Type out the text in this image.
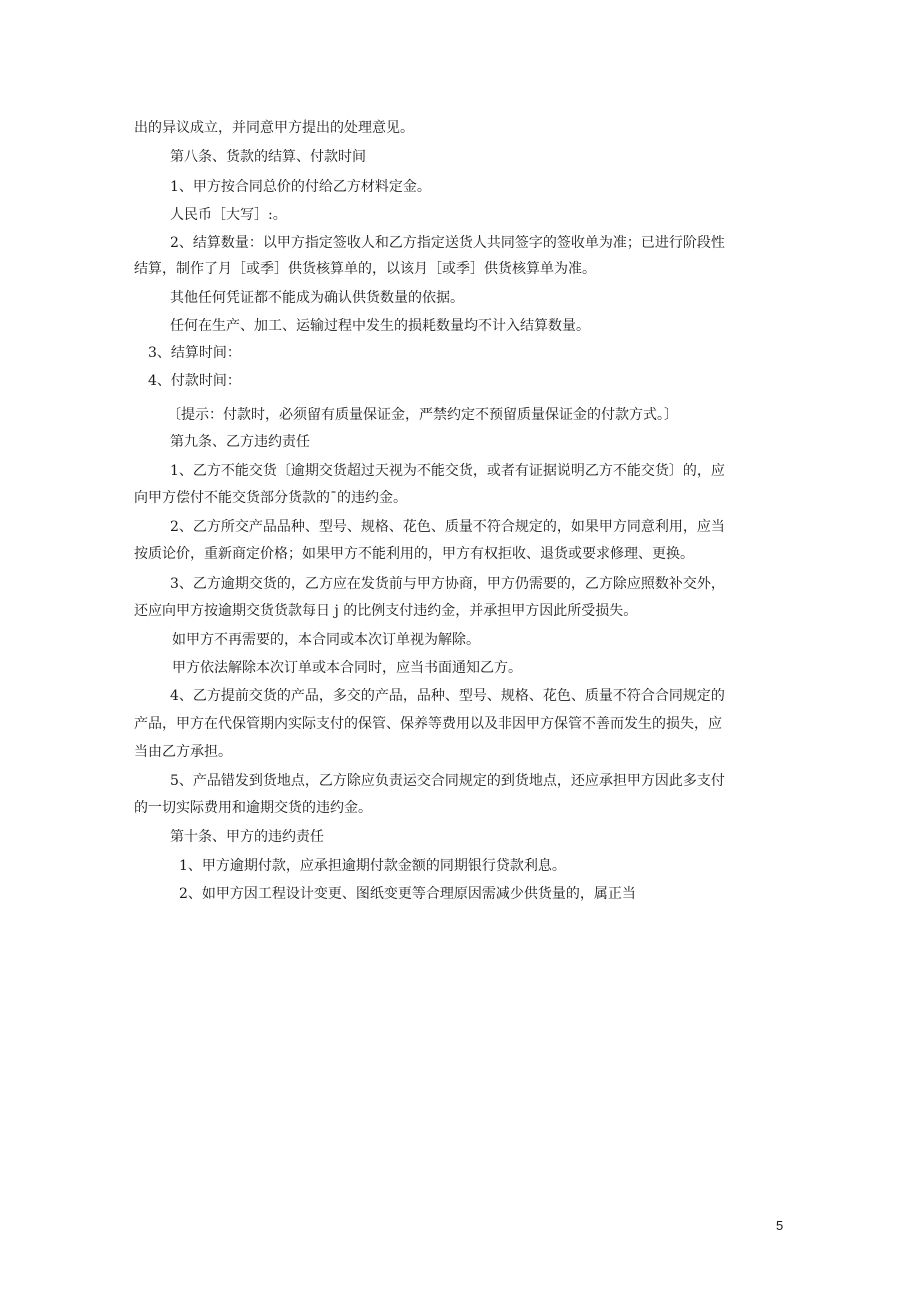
出的异议成立，并同意甲方提出的处理意见。

第八条、货款的结算、付款时间

1、甲方按合同总价的付给乙方材料定金。

人民币［大写］:。

2、结算数量：以甲方指定签收人和乙方指定送货人共同签字的签收单为准；已进行阶段性

结算，制作了月［或季］供货核算单的，以该月［或季］供货核算单为准。

其他任何凭证都不能成为确认供货数量的依据。

任何在生产、加工、运输过程中发生的损耗数量均不计入结算数量。

3、结算时间：

4、付款时间：

〔提示：付款时，必须留有质量保证金，严禁约定不预留质量保证金的付款方式。〕

第九条、乙方违约责任

1、乙方不能交货〔逾期交货超过天视为不能交货，或者有证据说明乙方不能交货〕的，应

向甲方偿付不能交货部分货款的ˉ的违约金。

2、乙方所交产品品种、型号、规格、花色、质量不符合规定的，如果甲方同意利用，应当

按质论价，重新商定价格；如果甲方不能利用的，甲方有权拒收、退货或要求修理、更换。

3、乙方逾期交货的，乙方应在发货前与甲方协商，甲方仍需要的，乙方除应照数补交外，

还应向甲方按逾期交货货款每日 j 的比例支付违约金，并承担甲方因此所受损失。

如甲方不再需要的，本合同或本次订单视为解除。

甲方依法解除本次订单或本合同时，应当书面通知乙方。

4、乙方提前交货的产品，多交的产品，品种、型号、规格、花色、质量不符合合同规定的

产品，甲方在代保管期内实际支付的保管、保养等费用以及非因甲方保管不善而发生的损失，应

当由乙方承担。

5、产品错发到货地点，乙方除应负责运交合同规定的到货地点，还应承担甲方因此多支付

的一切实际费用和逾期交货的违约金。

第十条、甲方的违约责任

1、甲方逾期付款，应承担逾期付款金额的同期银行贷款利息。

2、如甲方因工程设计变更、图纸变更等合理原因需减少供货量的，属正当

5
